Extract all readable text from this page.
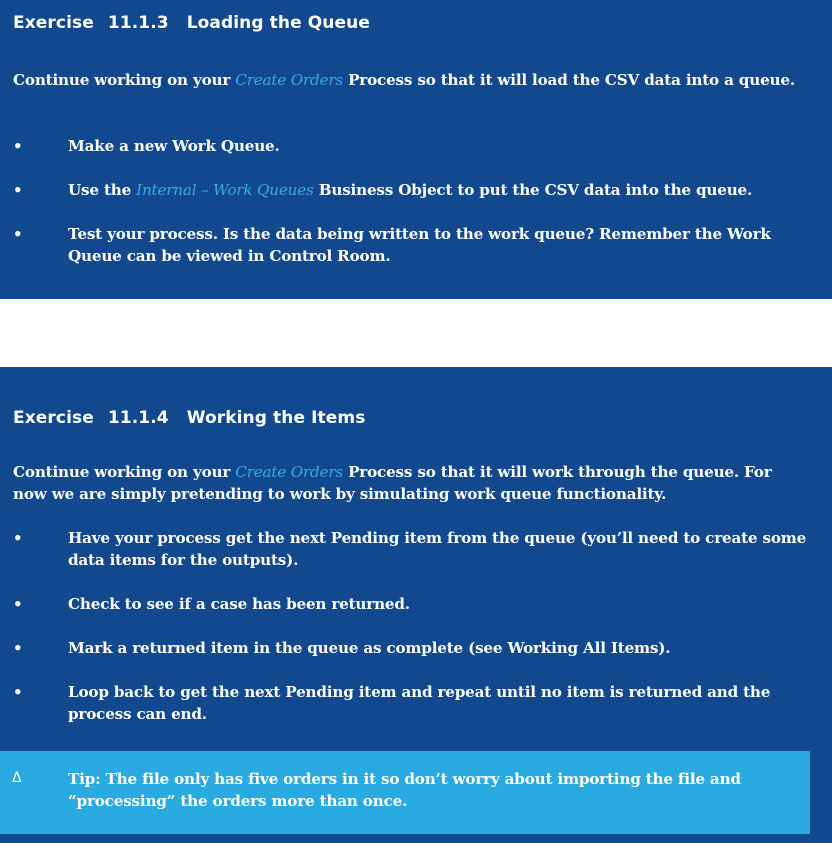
Exercise 11.1.3 Loading the Queue
Continue working on your Create Orders Process so that it will load the CSV data into a queue.
•	Make a new Work Queue.
•	Use the Internal – Work Queues Business Object to put the CSV data into the queue.
•	Test your process. Is the data being written to the work queue? Remember the Work Queue can be viewed in Control Room.
Exercise 11.1.4 Working the Items
Continue working on your Create Orders Process so that it will work through the queue. For now we are simply pretending to work by simulating work queue functionality.
•	Have your process get the next Pending item from the queue (you’ll need to create some data items for the outputs).
•	Check to see if a case has been returned.
•	Mark a returned item in the queue as complete (see Working All Items).
•	Loop back to get the next Pending item and repeat until no item is returned and the process can end.
Δ	Tip: The file only has five orders in it so don’t worry about importing the file and “processing” the orders more than once.
